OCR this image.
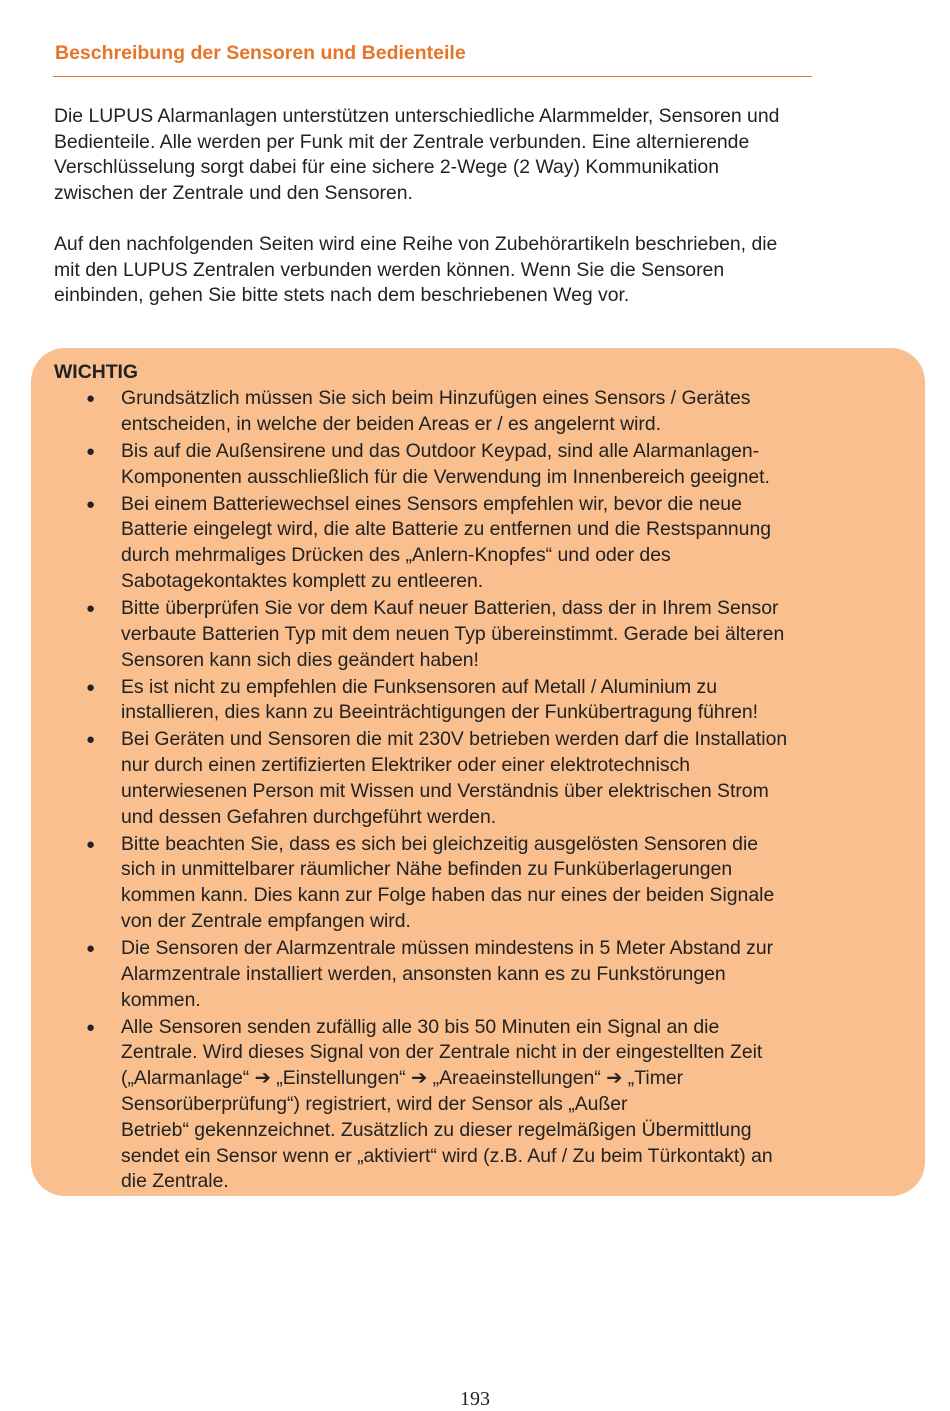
Beschreibung der Sensoren und Bedienteile

Die LUPUS Alarmanlagen unterstützen unterschiedliche Alarmmelder, Sensoren und
Bedienteile. Alle werden per Funk mit der Zentrale verbunden. Eine alternierende
Verschlüsselung sorgt dabei für eine sichere 2-Wege (2 Way) Kommunikation
zwischen der Zentrale und den Sensoren.

Auf den nachfolgenden Seiten wird eine Reihe von Zubehörartikeln beschrieben, die
mit den LUPUS Zentralen verbunden werden können. Wenn Sie die Sensoren
einbinden, gehen Sie bitte stets nach dem beschriebenen Weg vor.

WICHTIG
● Grundsätzlich müssen Sie sich beim Hinzufügen eines Sensors / Gerätes
entscheiden, in welche der beiden Areas er / es angelernt wird.
● Bis auf die Außensirene und das Outdoor Keypad, sind alle Alarmanlagen-
Komponenten ausschließlich für die Verwendung im Innenbereich geeignet.
● Bei einem Batteriewechsel eines Sensors empfehlen wir, bevor die neue
Batterie eingelegt wird, die alte Batterie zu entfernen und die Restspannung
durch mehrmaliges Drücken des „Anlern-Knopfes“ und oder des
Sabotagekontaktes komplett zu entleeren.
● Bitte überprüfen Sie vor dem Kauf neuer Batterien, dass der in Ihrem Sensor
verbaute Batterien Typ mit dem neuen Typ übereinstimmt. Gerade bei älteren
Sensoren kann sich dies geändert haben!
● Es ist nicht zu empfehlen die Funksensoren auf Metall / Aluminium zu
installieren, dies kann zu Beeinträchtigungen der Funkübertragung führen!
● Bei Geräten und Sensoren die mit 230V betrieben werden darf die Installation
nur durch einen zertifizierten Elektriker oder einer elektrotechnisch
unterwiesenen Person mit Wissen und Verständnis über elektrischen Strom
und dessen Gefahren durchgeführt werden.
● Bitte beachten Sie, dass es sich bei gleichzeitig ausgelösten Sensoren die
sich in unmittelbarer räumlicher Nähe befinden zu Funküberlagerungen
kommen kann. Dies kann zur Folge haben das nur eines der beiden Signale
von der Zentrale empfangen wird.
● Die Sensoren der Alarmzentrale müssen mindestens in 5 Meter Abstand zur
Alarmzentrale installiert werden, ansonsten kann es zu Funkstörungen
kommen.
● Alle Sensoren senden zufällig alle 30 bis 50 Minuten ein Signal an die
Zentrale. Wird dieses Signal von der Zentrale nicht in der eingestellten Zeit
(„Alarmanlage“ ➔ „Einstellungen“ ➔ „Areaeinstellungen“ ➔ „Timer
Sensorüberprüfung“) registriert, wird der Sensor als „Außer
Betrieb“ gekennzeichnet. Zusätzlich zu dieser regelmäßigen Übermittlung
sendet ein Sensor wenn er „aktiviert“ wird (z.B. Auf / Zu beim Türkontakt) an
die Zentrale.
193
